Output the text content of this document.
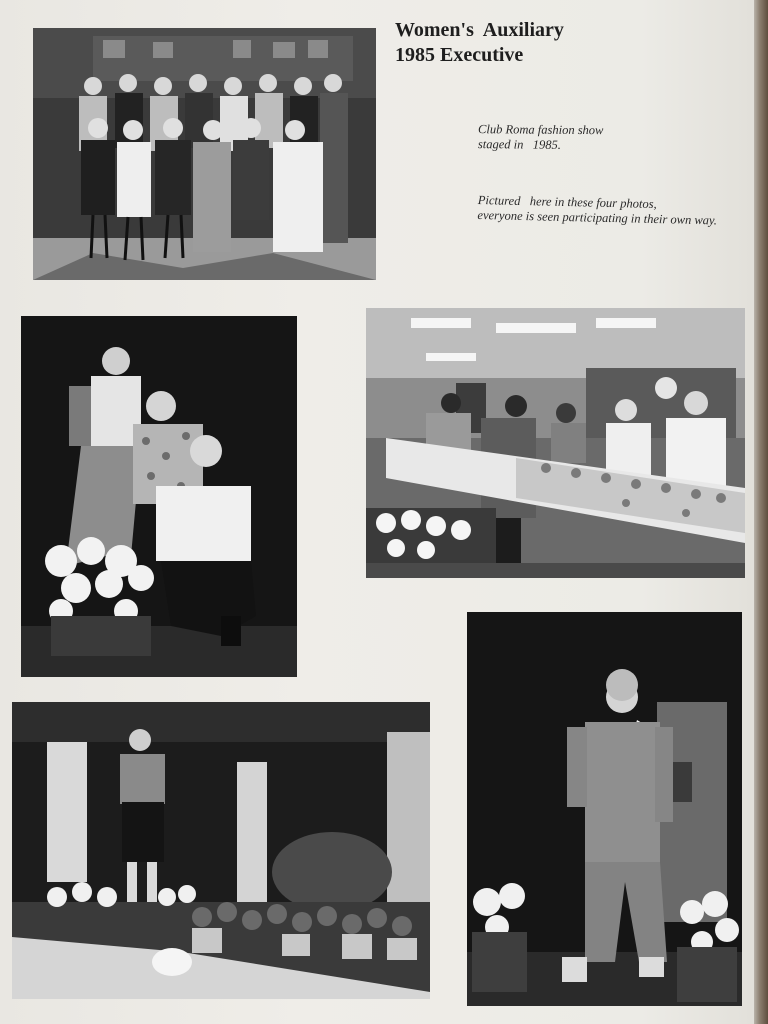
Women's  Auxiliary
1985 Executive
Club Roma fashion show
staged in   1985.
Pictured   here in these four photos,
everyone is seen participating in their own way.
